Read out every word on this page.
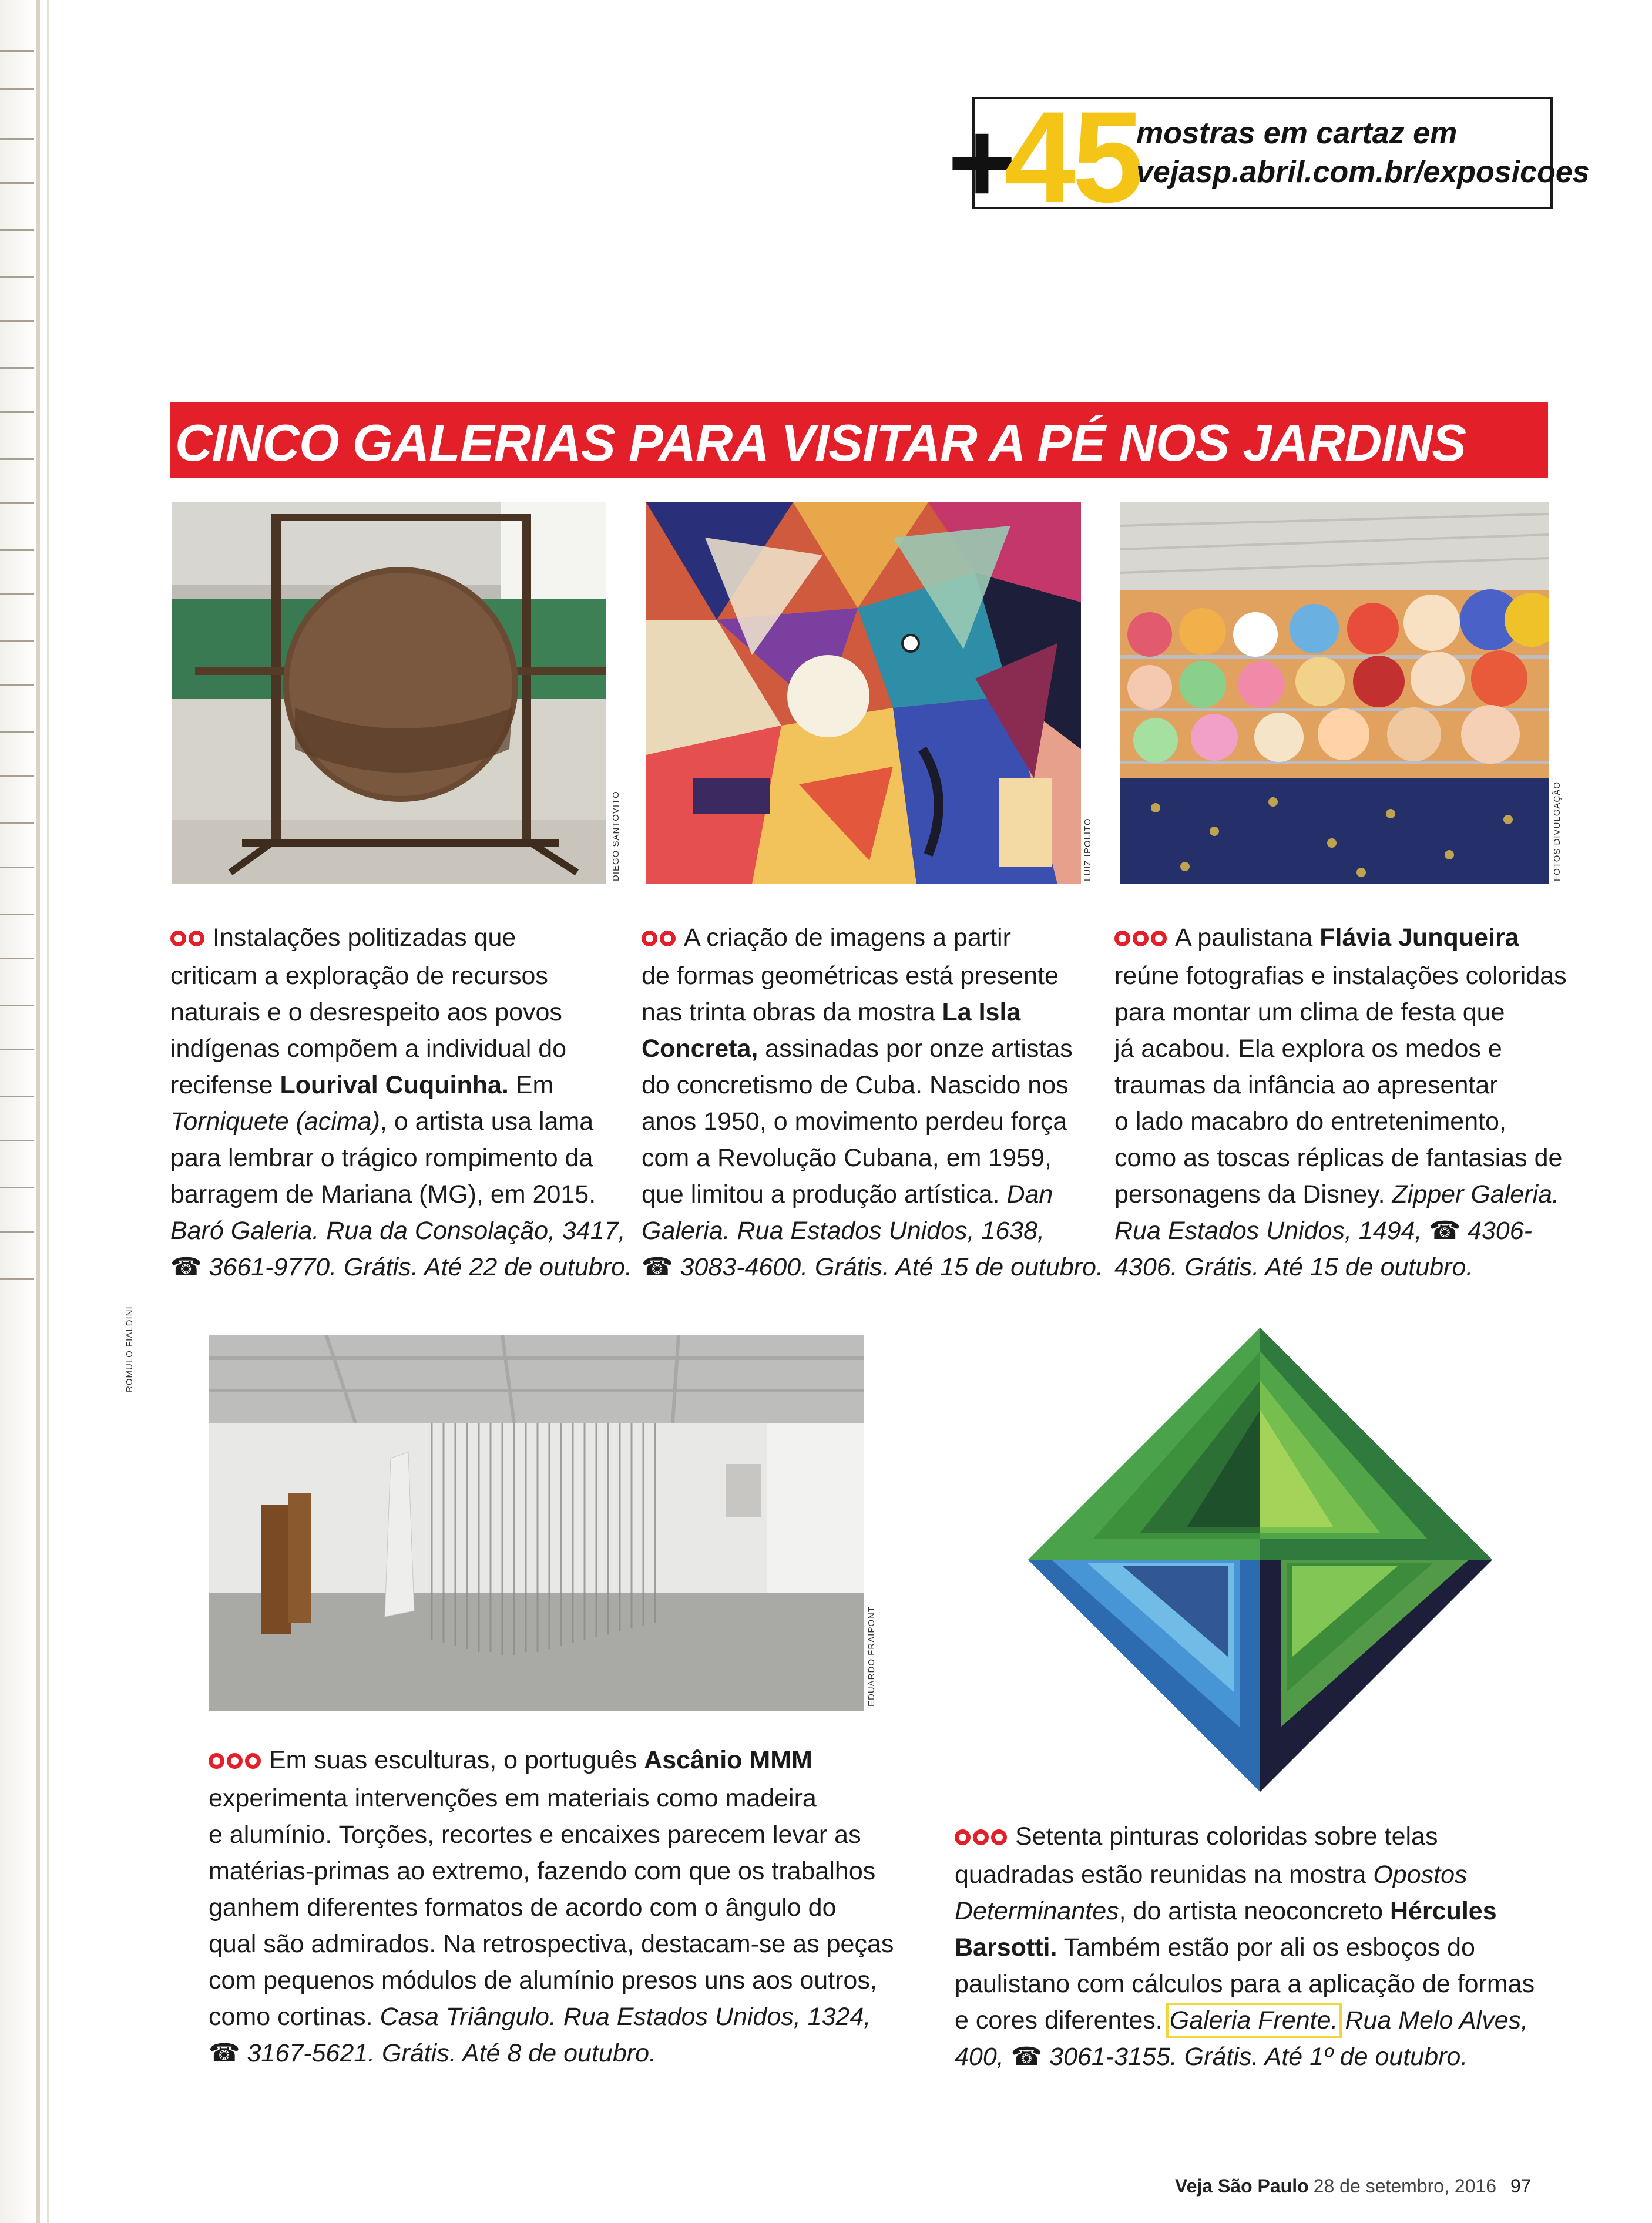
ROMULO FIALDINI
+
45
mostras em cartaz em
vejasp.abril.com.br/exposicoes
CINCO GALERIAS PARA VISITAR A PÉ NOS JARDINS
DIEGO SANTOVITO	LUIZ IPOLITO	FOTOS DIVULGAÇÃO
Instalações politizadas que
criticam a exploração de recursos
naturais e o desrespeito aos povos
indígenas compõem a individual do
recifense Lourival Cuquinha. Em
Torniquete (acima), o artista usa lama
para lembrar o trágico rompimento da
barragem de Mariana (MG), em 2015.
Baró Galeria. Rua da Consolação, 3417,
☎ 3661-9770. Grátis. Até 22 de outubro.
A criação de imagens a partir
de formas geométricas está presente
nas trinta obras da mostra La Isla
Concreta, assinadas por onze artistas
do concretismo de Cuba. Nascido nos
anos 1950, o movimento perdeu força
com a Revolução Cubana, em 1959,
que limitou a produção artística. Dan
Galeria. Rua Estados Unidos, 1638,
☎ 3083-4600. Grátis. Até 15 de outubro.
A paulistana Flávia Junqueira
reúne fotografias e instalações coloridas
para montar um clima de festa que
já acabou. Ela explora os medos e
traumas da infância ao apresentar
o lado macabro do entretenimento,
como as toscas réplicas de fantasias de
personagens da Disney. Zipper Galeria.
Rua Estados Unidos, 1494, ☎ 4306-
4306. Grátis. Até 15 de outubro.
EDUARDO FRAIPONT
Em suas esculturas, o português Ascânio MMM
experimenta intervenções em materiais como madeira
e alumínio. Torções, recortes e encaixes parecem levar as
matérias-primas ao extremo, fazendo com que os trabalhos
ganhem diferentes formatos de acordo com o ângulo do
qual são admirados. Na retrospectiva, destacam-se as peças
com pequenos módulos de alumínio presos uns aos outros,
como cortinas. Casa Triângulo. Rua Estados Unidos, 1324,
☎ 3167-5621. Grátis. Até 8 de outubro.
Setenta pinturas coloridas sobre telas
quadradas estão reunidas na mostra Opostos
Determinantes, do artista neoconcreto Hércules
Barsotti. Também estão por ali os esboços do
paulistano com cálculos para a aplicação de formas
e cores diferentes. Galeria Frente. Rua Melo Alves,
400, ☎ 3061-3155. Grátis. Até 1º de outubro.
Veja São Paulo 28 de setembro, 2016 97
